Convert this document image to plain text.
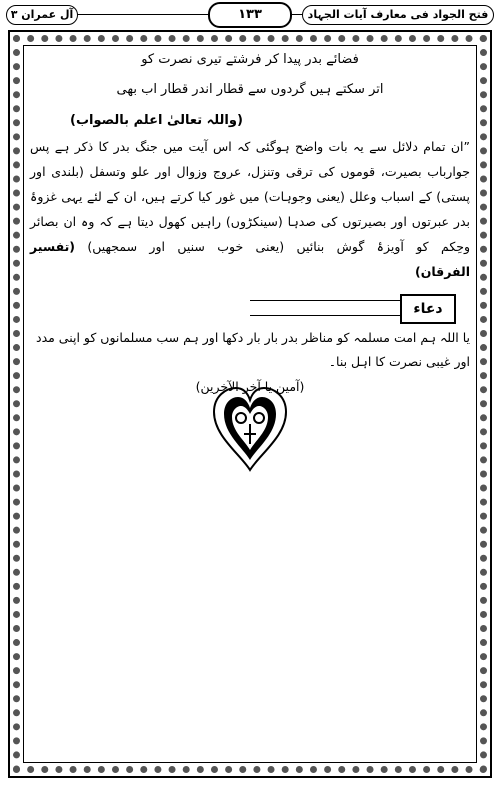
آل عمران ۳	۱۳۳	فتح الجواد فی معارف آیات الجہاد
فضائے بدر پیدا کر فرشتے تیری نصرت کو
اتر سکتے ہیں گردوں سے قطار اندر قطار اب بھی
(واللہ تعالیٰ اعلم بالصواب)
”ان تمام دلائل سے یہ بات واضح ہوگئی کہ اس آیت میں جنگ بدر کا ذکر ہے پس جوارباب بصیرت، قوموں کی ترقی وتنزل، عروج وزوال اور علو وتسفل (بلندی اور پستی) کے اسباب وعلل (یعنی وجوہات) میں غور کیا کرتے ہیں، ان کے لئے یہی غزوۂ بدر عبرتوں اور بصیرتوں کی صدہا (سینکڑوں) راہیں کھول دیتا ہے کہ وہ ان بصائر وحِکم کو آویزۂ گوش بنائیں (یعنی خوب سنیں اور سمجھیں) (تفسیر الفرقان)
دعاء
یا اللہ ہم امت مسلمہ کو مناظر بدر بار بار دکھا اور ہم سب مسلمانوں کو اپنی مدد اور غیبی نصرت کا اہل بنا۔
(آمین یا آخر الآخرین)
